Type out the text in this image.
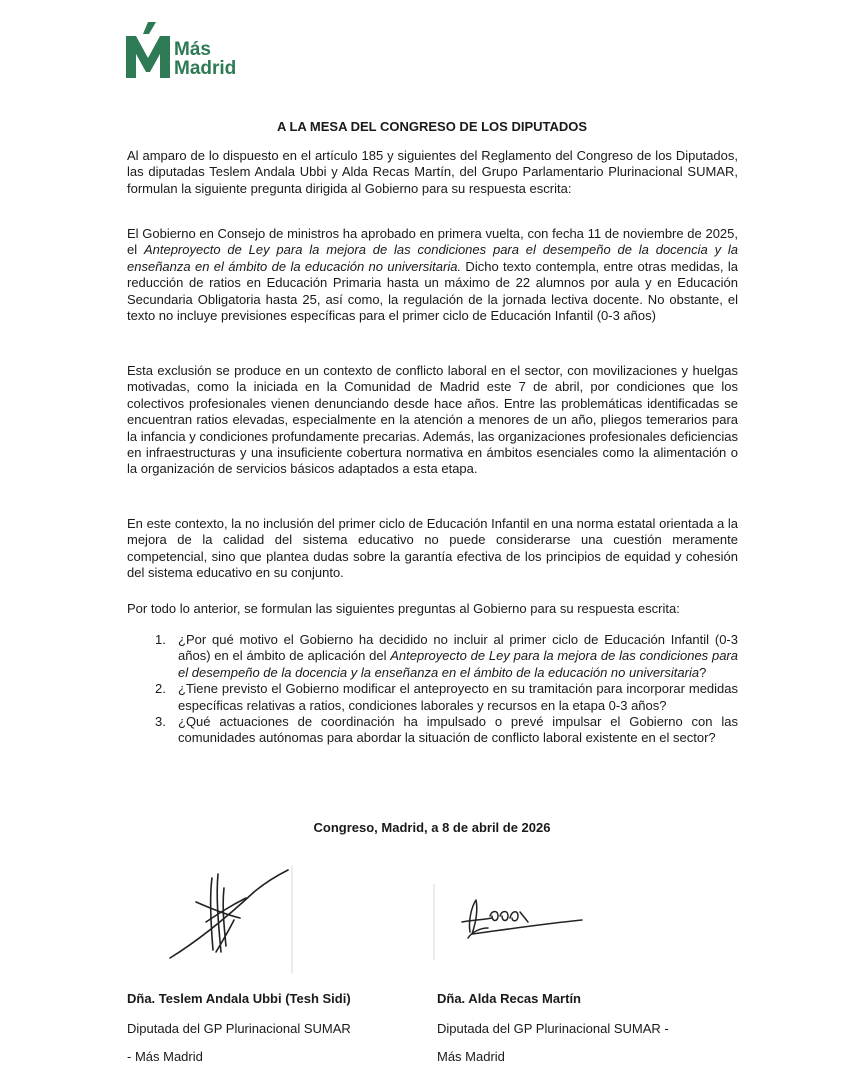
Más
Madrid
A LA MESA DEL CONGRESO DE LOS DIPUTADOS

Al amparo de lo dispuesto en el artículo 185 y siguientes del Reglamento del Congreso de los Diputados, las diputadas Teslem Andala Ubbi y Alda Recas Martín, del Grupo Parlamentario Plurinacional SUMAR, formulan la siguiente pregunta dirigida al Gobierno para su respuesta escrita:

El Gobierno en Consejo de ministros ha aprobado en primera vuelta, con fecha 11 de noviembre de 2025, el Anteproyecto de Ley para la mejora de las condiciones para el desempeño de la docencia y la enseñanza en el ámbito de la educación no universitaria. Dicho texto contempla, entre otras medidas, la reducción de ratios en Educación Primaria hasta un máximo de 22 alumnos por aula y en Educación Secundaria Obligatoria hasta 25, así como, la regulación de la jornada lectiva docente. No obstante, el texto no incluye previsiones específicas para el primer ciclo de Educación Infantil (0-3 años)

Esta exclusión se produce en un contexto de conflicto laboral en el sector, con movilizaciones y huelgas motivadas, como la iniciada en la Comunidad de Madrid este 7 de abril, por condiciones que los colectivos profesionales vienen denunciando desde hace años. Entre las problemáticas identificadas se encuentran ratios elevadas, especialmente en la atención a menores de un año, pliegos temerarios para la infancia y condiciones profundamente precarias. Además, las organizaciones profesionales deficiencias en infraestructuras y una insuficiente cobertura normativa en ámbitos esenciales como la alimentación o la organización de servicios básicos adaptados a esta etapa.

En este contexto, la no inclusión del primer ciclo de Educación Infantil en una norma estatal orientada a la mejora de la calidad del sistema educativo no puede considerarse una cuestión meramente competencial, sino que plantea dudas sobre la garantía efectiva de los principios de equidad y cohesión del sistema educativo en su conjunto.

Por todo lo anterior, se formulan las siguientes preguntas al Gobierno para su respuesta escrita:

1. ¿Por qué motivo el Gobierno ha decidido no incluir al primer ciclo de Educación Infantil (0-3 años) en el ámbito de aplicación del Anteproyecto de Ley para la mejora de las condiciones para el desempeño de la docencia y la enseñanza en el ámbito de la educación no universitaria?
2. ¿Tiene previsto el Gobierno modificar el anteproyecto en su tramitación para incorporar medidas específicas relativas a ratios, condiciones laborales y recursos en la etapa 0-3 años?
3. ¿Qué actuaciones de coordinación ha impulsado o prevé impulsar el Gobierno con las comunidades autónomas para abordar la situación de conflicto laboral existente en el sector?
Congreso, Madrid, a 8 de abril de 2026
Dña. Teslem Andala Ubbi (Tesh Sidi)
Diputada del GP Plurinacional SUMAR
- Más Madrid
Dña. Alda Recas Martín
Diputada del GP Plurinacional SUMAR -
Más Madrid
